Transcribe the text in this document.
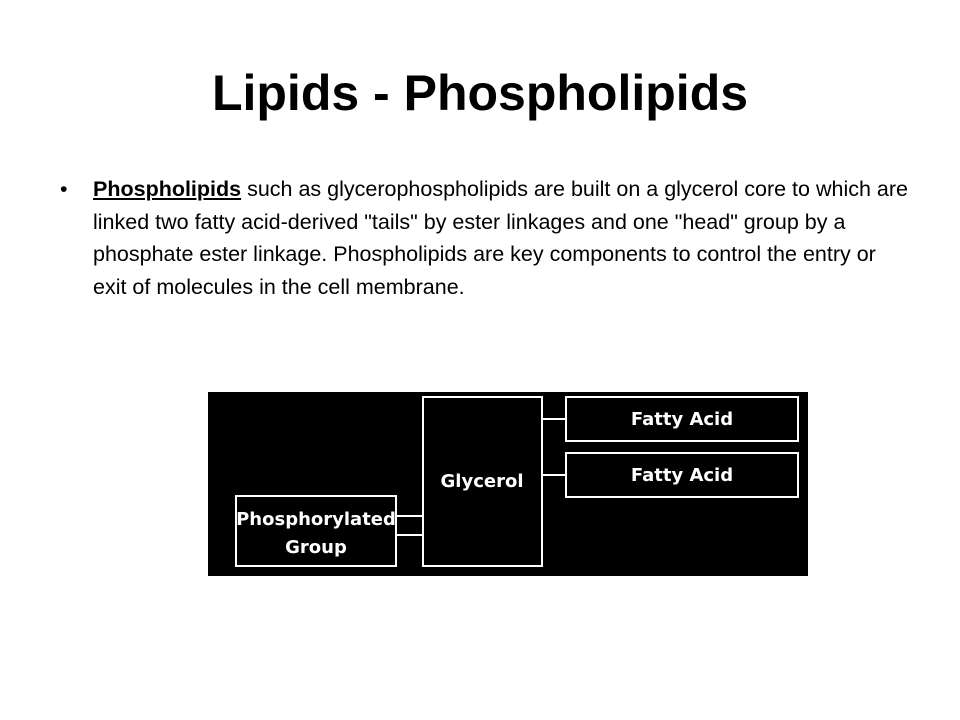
Lipids - Phospholipids
•	Phospholipids such as glycerophospholipids are built on a glycerol core to which are linked two fatty acid-derived "tails" by ester linkages and one "head" group by a phosphate ester linkage. Phospholipids are key components to control the entry or exit of molecules in the cell membrane.
Glycerol
Fatty Acid
Fatty Acid
Phosphorylated
Group
